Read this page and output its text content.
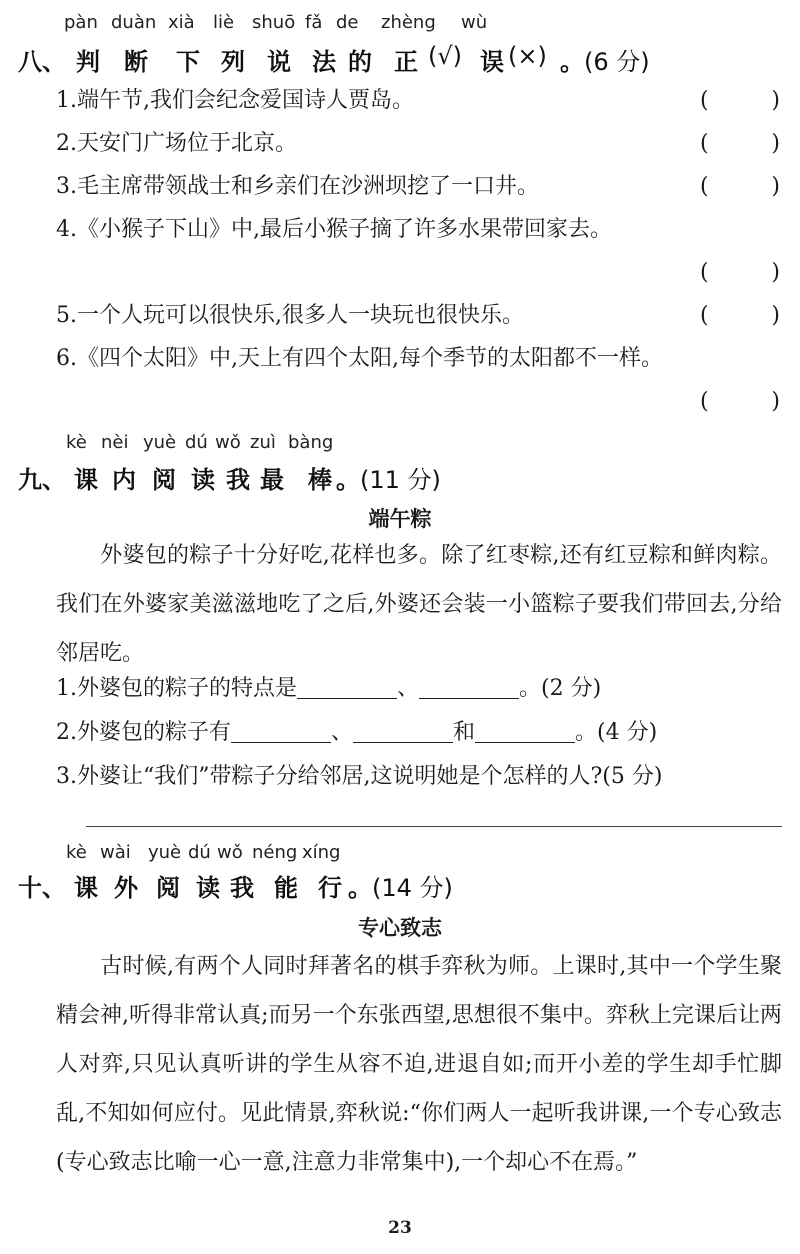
pàn duàn xià liè shuō fǎ de zhèng wù
八、 判 断 下 列 说 法 的 正 (√) 误 (×) 。 (6 分)
1.端午节,我们会纪念爱国诗人贾岛。	(	)
2.天安门广场位于北京。	(	)
3.毛主席带领战士和乡亲们在沙洲坝挖了一口井。	(	)
4.《小猴子下山》中,最后小猴子摘了许多水果带回家去。
(	)
5.一个人玩可以很快乐,很多人一块玩也很快乐。	(	)
6.《四个太阳》中,天上有四个太阳,每个季节的太阳都不一样。
(	)
kè nèi yuè dú wǒ zuì bàng
九、 课 内 阅 读 我 最 棒 。 (11 分)
端午粽
外婆包的粽子十分好吃,花样也多。除了红枣粽,还有红豆粽和鲜肉粽。我们在外婆家美滋滋地吃了之后,外婆还会装一小篮粽子要我们带回去,分给邻居吃。
1.外婆包的粽子的特点是	、	。(2 分)
2.外婆包的粽子有	、	和	。(4 分)
3.外婆让“我们”带粽子分给邻居,这说明她是个怎样的人?(5 分)
kè wài yuè dú wǒ néng xíng
十、 课 外 阅 读 我 能 行 。 (14 分)
专心致志
古时候,有两个人同时拜著名的棋手弈秋为师。上课时,其中一个学生聚精会神,听得非常认真;而另一个东张西望,思想很不集中。弈秋上完课后让两人对弈,只见认真听讲的学生从容不迫,进退自如;而开小差的学生却手忙脚乱,不知如何应付。见此情景,弈秋说:“你们两人一起听我讲课,一个专心致志(专心致志比喻一心一意,注意力非常集中),一个却心不在焉。”
23
